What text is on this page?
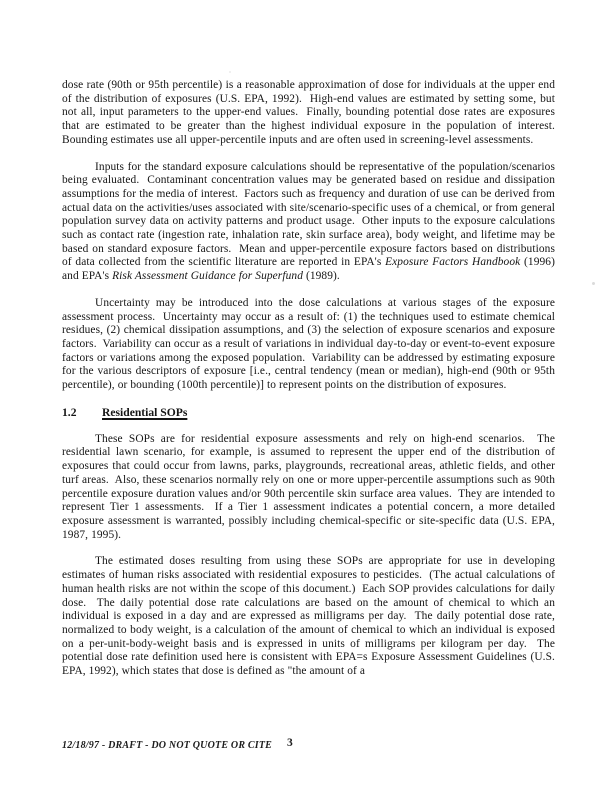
dose rate (90th or 95th percentile) is a reasonable approximation of dose for individuals at the upper end of the distribution of exposures (U.S. EPA, 1992).  High-end values are estimated by setting some, but not all, input parameters to the upper-end values.  Finally, bounding potential dose rates are exposures that are estimated to be greater than the highest individual exposure in the population of interest.  Bounding estimates use all upper-percentile inputs and are often used in screening-level assessments.

Inputs for the standard exposure calculations should be representative of the population/scenarios being evaluated.  Contaminant concentration values may be generated based on residue and dissipation assumptions for the media of interest.  Factors such as frequency and duration of use can be derived from actual data on the activities/uses associated with site/scenario-specific uses of a chemical, or from general population survey data on activity patterns and product usage.  Other inputs to the exposure calculations such as contact rate (ingestion rate, inhalation rate, skin surface area), body weight, and lifetime may be based on standard exposure factors.  Mean and upper-percentile exposure factors based on distributions of data collected from the scientific literature are reported in EPA's Exposure Factors Handbook (1996) and EPA's Risk Assessment Guidance for Superfund (1989).

Uncertainty may be introduced into the dose calculations at various stages of the exposure assessment process.  Uncertainty may occur as a result of: (1) the techniques used to estimate chemical residues, (2) chemical dissipation assumptions, and (3) the selection of exposure scenarios and exposure factors.  Variability can occur as a result of variations in individual day-to-day or event-to-event exposure factors or variations among the exposed population.  Variability can be addressed by estimating exposure for the various descriptors of exposure [i.e., central tendency (mean or median), high-end (90th or 95th percentile), or bounding (100th percentile)] to represent points on the distribution of exposures.

1.2 Residential SOPs

These SOPs are for residential exposure assessments and rely on high-end scenarios.  The residential lawn scenario, for example, is assumed to represent the upper end of the distribution of exposures that could occur from lawns, parks, playgrounds, recreational areas, athletic fields, and other turf areas.  Also, these scenarios normally rely on one or more upper-percentile assumptions such as 90th percentile exposure duration values and/or 90th percentile skin surface area values.  They are intended to represent Tier 1 assessments.  If a Tier 1 assessment indicates a potential concern, a more detailed exposure assessment is warranted, possibly including chemical-specific or site-specific data (U.S. EPA, 1987, 1995).

The estimated doses resulting from using these SOPs are appropriate for use in developing estimates of human risks associated with residential exposures to pesticides.  (The actual calculations of human health risks are not within the scope of this document.)  Each SOP provides calculations for daily dose.  The daily potential dose rate calculations are based on the amount of chemical to which an individual is exposed in a day and are expressed as milligrams per day.  The daily potential dose rate, normalized to body weight, is a calculation of the amount of chemical to which an individual is exposed on a per-unit-body-weight basis and is expressed in units of milligrams per kilogram per day.  The potential dose rate definition used here is consistent with EPA=s Exposure Assessment Guidelines (U.S. EPA, 1992), which states that dose is defined as "the amount of a

12/18/97 - DRAFT - DO NOT QUOTE OR CITE 3
